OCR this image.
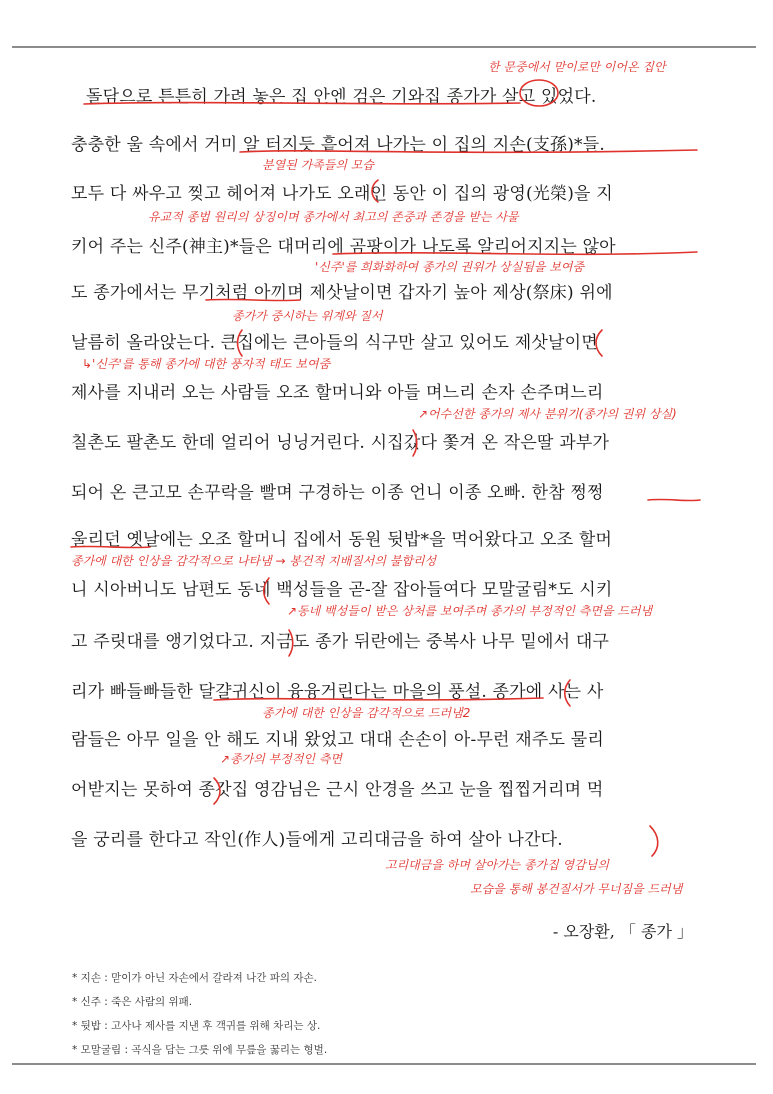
돌담으로 튼튼히 가려 놓은 집 안엔 검은 기와집 종가가 살고 있었다.
충충한 울 속에서 거미 알 터지듯 흩어져 나가는 이 집의 지손(支孫)*들.
모두 다 싸우고 찢고 헤어져 나가도 오래인 동안 이 집의 광영(光榮)을 지
키어 주는 신주(神主)*들은 대머리에 곰팡이가 나도록 알리어지지는 않아
도 종가에서는 무기처럼 아끼며 제삿날이면 갑자기 높아 제상(祭床) 위에
날름히 올라앉는다. 큰집에는 큰아들의 식구만 살고 있어도 제삿날이면
제사를 지내러 오는 사람들 오조 할머니와 아들 며느리 손자 손주며느리
칠촌도 팔촌도 한데 얼리어 닝닝거린다. 시집갔다 쫓겨 온 작은딸 과부가
되어 온 큰고모 손꾸락을 빨며 구경하는 이종 언니 이종 오빠. 한참 쩡쩡
울리던 옛날에는 오조 할머니 집에서 동원 뒷밥*을 먹어왔다고 오조 할머
니 시아버니도 남편도 동네 백성들을 곧-잘 잡아들여다 모말굴림*도 시키
고 주릿대를 앵기었다고. 지금도 종가 뒤란에는 중복사 나무 밑에서 대구
리가 빠들빠들한 달걀귀신이 융융거린다는 마을의 풍설. 종가에 사는 사
람들은 아무 일을 안 해도 지내 왔었고 대대 손손이 아-무런 재주도 물리
어받지는 못하여 종갓집 영감님은 근시 안경을 쓰고 눈을 찝찝거리며 먹
을 궁리를 한다고 작인(作人)들에게 고리대금을 하여 살아 나간다.
한 문중에서 맏이로만 이어온 집안
분열된 가족들의 모습
유교적 종법 원리의 상징이며 종가에서 최고의 존중과 존경을 받는 사물
'신주'를 희화화하여 종가의 권위가 상실됨을 보여줌
종가가 중시하는 위계와 질서
↳'신주'를 통해 종가에 대한 풍자적 태도 보여줌
↗어수선한 종가의 제사 분위기(종가의 권위 상실)
종가에 대한 인상을 감각적으로 나타냄 → 봉건적 지배질서의 불합리성
↗동네 백성들이 받은 상처를 보여주며 종가의 부정적인 측면을 드러냄
종가에 대한 인상을 감각적으로 드러냄2
↗종가의 부정적인 측면
고리대금을 하며 살아가는 종가집 영감님의
모습을 통해 봉건질서가 무너짐을 드러냄
- 오장환, 「 종가 」
* 지손 : 맏이가 아닌 자손에서 갈라져 나간 파의 자손.
* 신주 : 죽은 사람의 위패.
* 뒷밥 : 고사나 제사를 지낸 후 객귀를 위해 차리는 상.
* 모말굴림 : 곡식을 담는 그릇 위에 무릎을 꿇리는 형벌.
